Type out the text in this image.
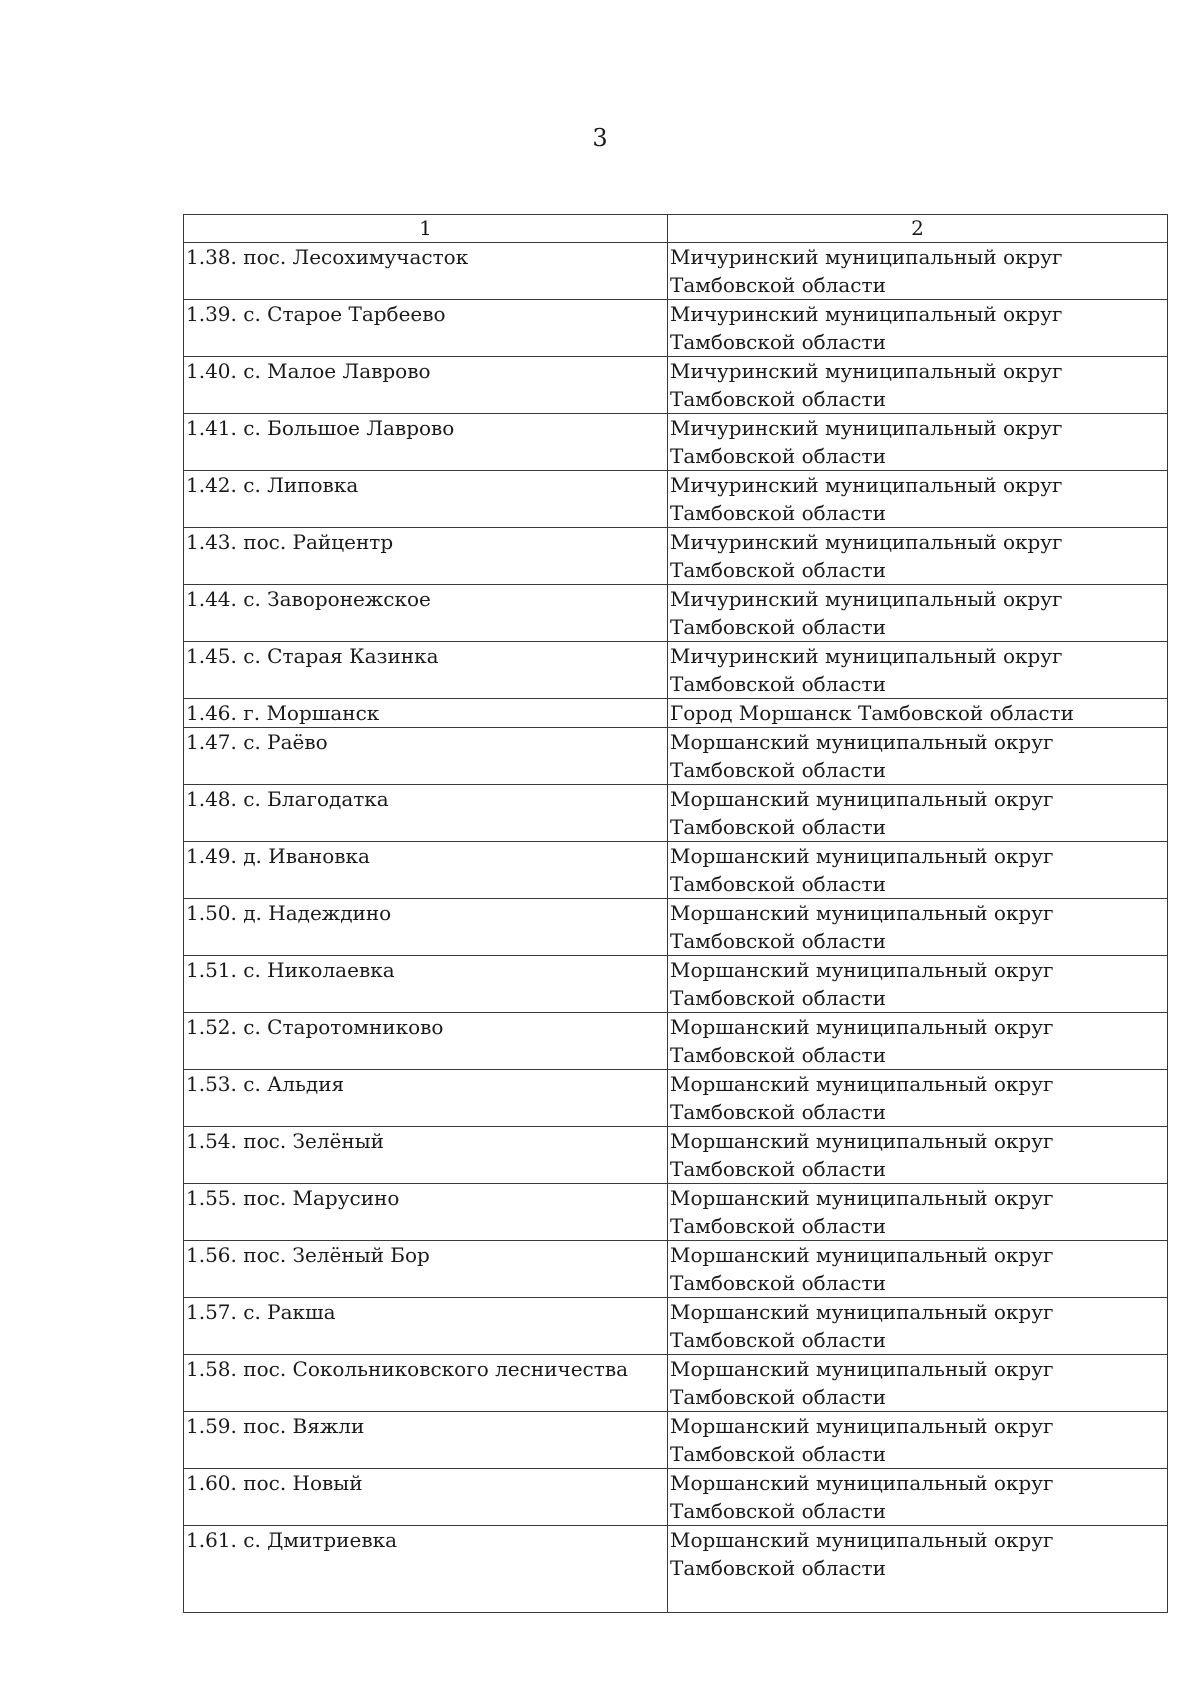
3
1	2
1.38. пос. Лесохимучасток	Мичуринский муниципальный округ
Тамбовской области

1.39. с. Старое Тарбеево	Мичуринский муниципальный округ
Тамбовской области

1.40. с. Малое Лаврово	Мичуринский муниципальный округ
Тамбовской области

1.41. с. Большое Лаврово	Мичуринский муниципальный округ
Тамбовской области

1.42. с. Липовка	Мичуринский муниципальный округ
Тамбовской области

1.43. пос. Райцентр	Мичуринский муниципальный округ
Тамбовской области

1.44. с. Заворонежское	Мичуринский муниципальный округ
Тамбовской области

1.45. с. Старая Казинка	Мичуринский муниципальный округ
Тамбовской области

1.46. г. Моршанск	Город Моршанск Тамбовской области

1.47. с. Раёво	Моршанский муниципальный округ
Тамбовской области

1.48. с. Благодатка	Моршанский муниципальный округ
Тамбовской области

1.49. д. Ивановка	Моршанский муниципальный округ
Тамбовской области

1.50. д. Надеждино	Моршанский муниципальный округ
Тамбовской области

1.51. с. Николаевка	Моршанский муниципальный округ
Тамбовской области

1.52. с. Старотомниково	Моршанский муниципальный округ
Тамбовской области

1.53. с. Альдия	Моршанский муниципальный округ
Тамбовской области

1.54. пос. Зелёный	Моршанский муниципальный округ
Тамбовской области

1.55. пос. Марусино	Моршанский муниципальный округ
Тамбовской области

1.56. пос. Зелёный Бор	Моршанский муниципальный округ
Тамбовской области

1.57. с. Ракша	Моршанский муниципальный округ
Тамбовской области

1.58. пос. Сокольниковского лесничества	Моршанский муниципальный округ
Тамбовской области

1.59. пос. Вяжли	Моршанский муниципальный округ
Тамбовской области

1.60. пос. Новый	Моршанский муниципальный округ
Тамбовской области

1.61. с. Дмитриевка	Моршанский муниципальный округ
Тамбовской области
